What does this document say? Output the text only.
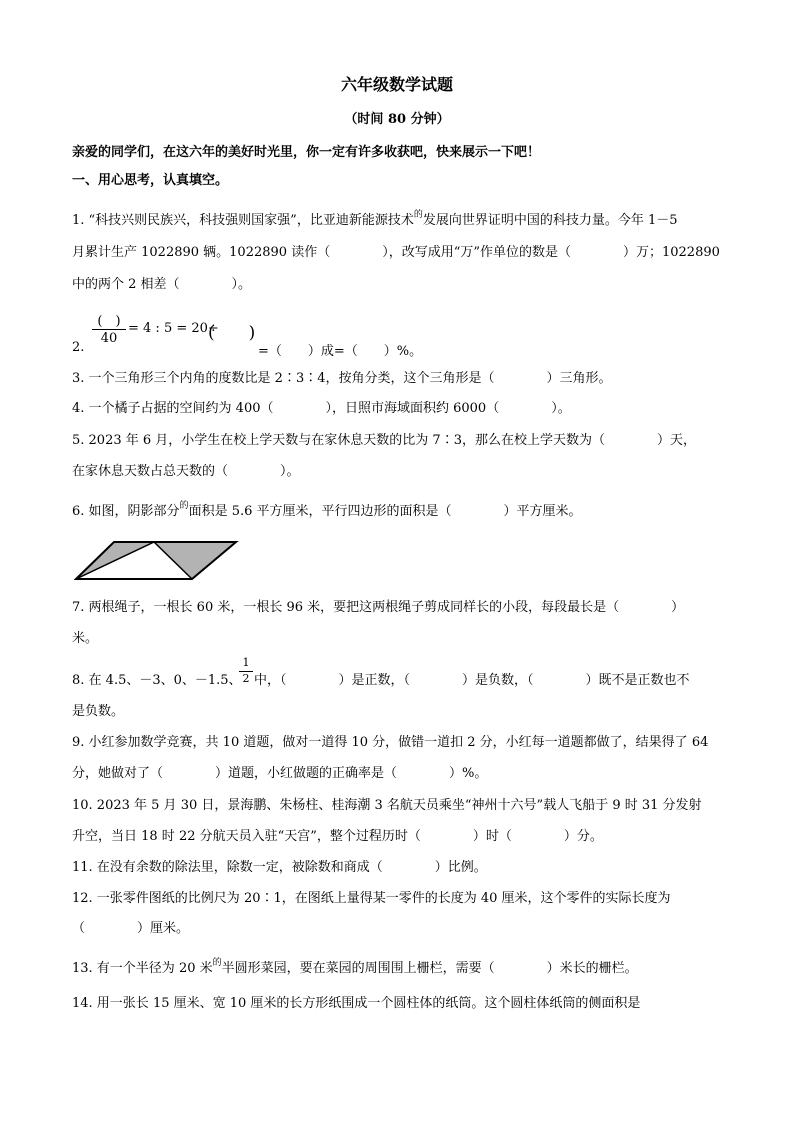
六年级数学试题
（时间 80 分钟）
亲爱的同学们，在这六年的美好时光里，你一定有许多收获吧，快来展示一下吧！
一、用心思考，认真填空。
1. “科技兴则民族兴，科技强则国家强”，比亚迪新能源技术$^的$发展向世界证明中国的科技力量。今年 1－5
月累计生产 1022890 辆。1022890 读作（　　　　），改写成用“万”作单位的数是（　　　　）万；1022890
中的两个 2 相差（　　　　）。
2.
(　)
40
= 4 : 5 = 20÷
(　　)
=（　　）成=（　　）%。
3. 一个三角形三个内角的度数比是 2∶3∶4，按角分类，这个三角形是（　　　　）三角形。
4. 一个橘子占据的空间约为 400（　　　　），日照市海域面积约 6000（　　　　）。
5. 2023 年 6 月，小学生在校上学天数与在家休息天数的比为 7∶3，那么在校上学天数为（　　　　）天，
在家休息天数占总天数的（　　　　）。
6. 如图，阴影部分$^的$面积是 5.6 平方厘米，平行四边形的面积是（　　　　）平方厘米。
7. 两根绳子，一根长 60 米，一根长 96 米，要把这两根绳子剪成同样长的小段，每段最长是（　　　　）
米。
1
2
8. 在 4.5、－3、0、－1.5、 中，（　　　　）是正数，（　　　　）是负数，（　　　　）既不是正数也不
是负数。
9. 小红参加数学竞赛，共 10 道题，做对一道得 10 分，做错一道扣 2 分，小红每一道题都做了，结果得了 64
分，她做对了（　　　　）道题，小红做题的正确率是（　　　　）%。
10. 2023 年 5 月 30 日，景海鹏、朱杨柱、桂海潮 3 名航天员乘坐“神州十六号”载人飞船于 9 时 31 分发射
升空，当日 18 时 22 分航天员入驻“天宫”，整个过程历时（　　　　）时（　　　　）分。
11. 在没有余数的除法里，除数一定，被除数和商成（　　　　）比例。
12. 一张零件图纸的比例尺为 20∶1，在图纸上量得某一零件的长度为 40 厘米，这个零件的实际长度为
（　　　　）厘米。
13. 有一个半径为 20 米$^的$半圆形菜园，要在菜园的周围围上栅栏，需要（　　　　）米长的栅栏。
14. 用一张长 15 厘米、宽 10 厘米的长方形纸围成一个圆柱体的纸筒。这个圆柱体纸筒的侧面积是
